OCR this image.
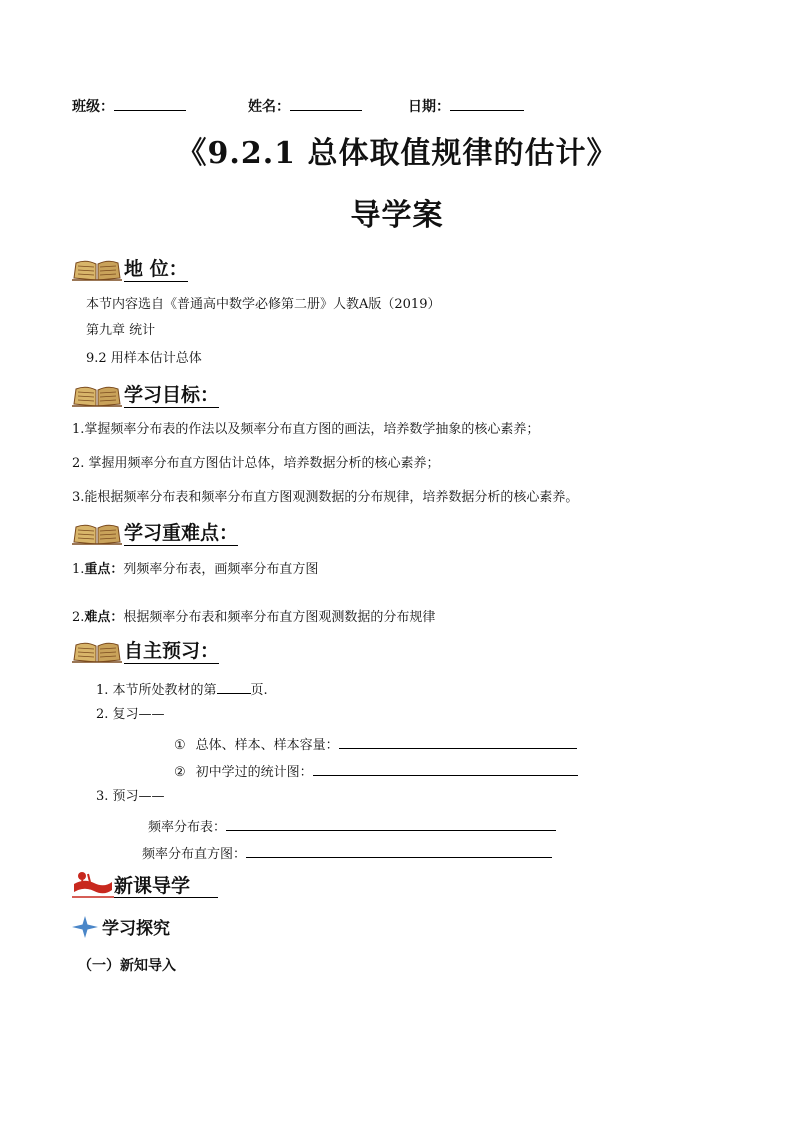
班级：	姓名：	日期：
《9.2.1 总体取值规律的估计》
导学案
地 位：
本节内容选自《普通高中数学必修第二册》人教A版（2019）
第九章 统计
9.2 用样本估计总体
学习目标：
1.掌握频率分布表的作法以及频率分布直方图的画法，培养数学抽象的核心素养；
2. 掌握用频率分布直方图估计总体，培养数据分析的核心素养；
3.能根据频率分布表和频率分布直方图观测数据的分布规律，培养数据分析的核心素养。
学习重难点：
1.重点：列频率分布表，画频率分布直方图
2.难点：根据频率分布表和频率分布直方图观测数据的分布规律
自主预习：
1. 本节所处教材的第	页.
2. 复习——
① 总体、样本、样本容量：
② 初中学过的统计图：
3. 预习——
频率分布表：
频率分布直方图：
新课导学
学习探究
（一）新知导入
